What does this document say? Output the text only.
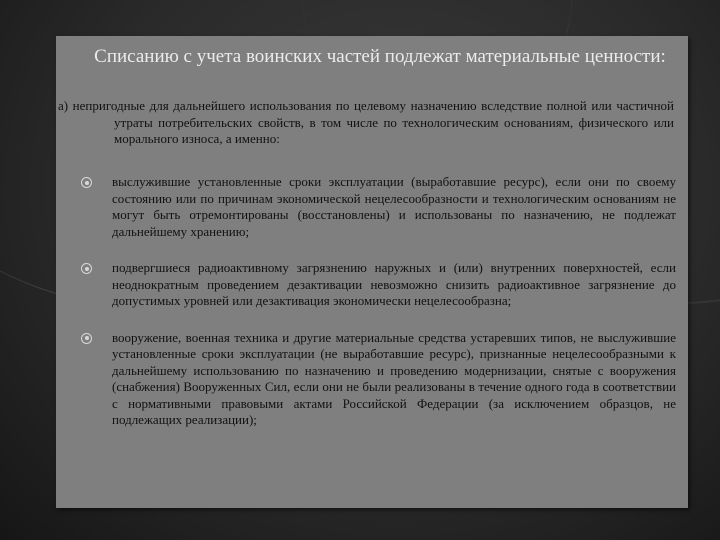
Списанию с учета воинских частей подлежат материальные ценности:

а) непригодные для дальнейшего использования по целевому назначению вследствие полной или частичной утраты потребительских свойств, в том числе по технологическим основаниям, физического или морального износа, а именно:

выслужившие установленные сроки эксплуатации (выработавшие ресурс), если они по своему состоянию или по причинам экономической нецелесообразности и технологическим основаниям не могут быть отремонтированы (восстановлены) и использованы по назначению, не подлежат дальнейшему хранению;
подвергшиеся радиоактивному загрязнению наружных и (или) внутренних поверхностей, если неоднократным проведением дезактивации невозможно снизить радиоактивное загрязнение до допустимых уровней или дезактивация экономически нецелесообразна;
вооружение, военная техника и другие материальные средства устаревших типов, не выслужившие установленные сроки эксплуатации (не выработавшие ресурс), признанные нецелесообразными к дальнейшему использованию по назначению и проведению модернизации, снятые с вооружения (снабжения) Вооруженных Сил, если они не были реализованы в течение одного года в соответствии с нормативными правовыми актами Российской Федерации (за исключением образцов, не подлежащих реализации);
